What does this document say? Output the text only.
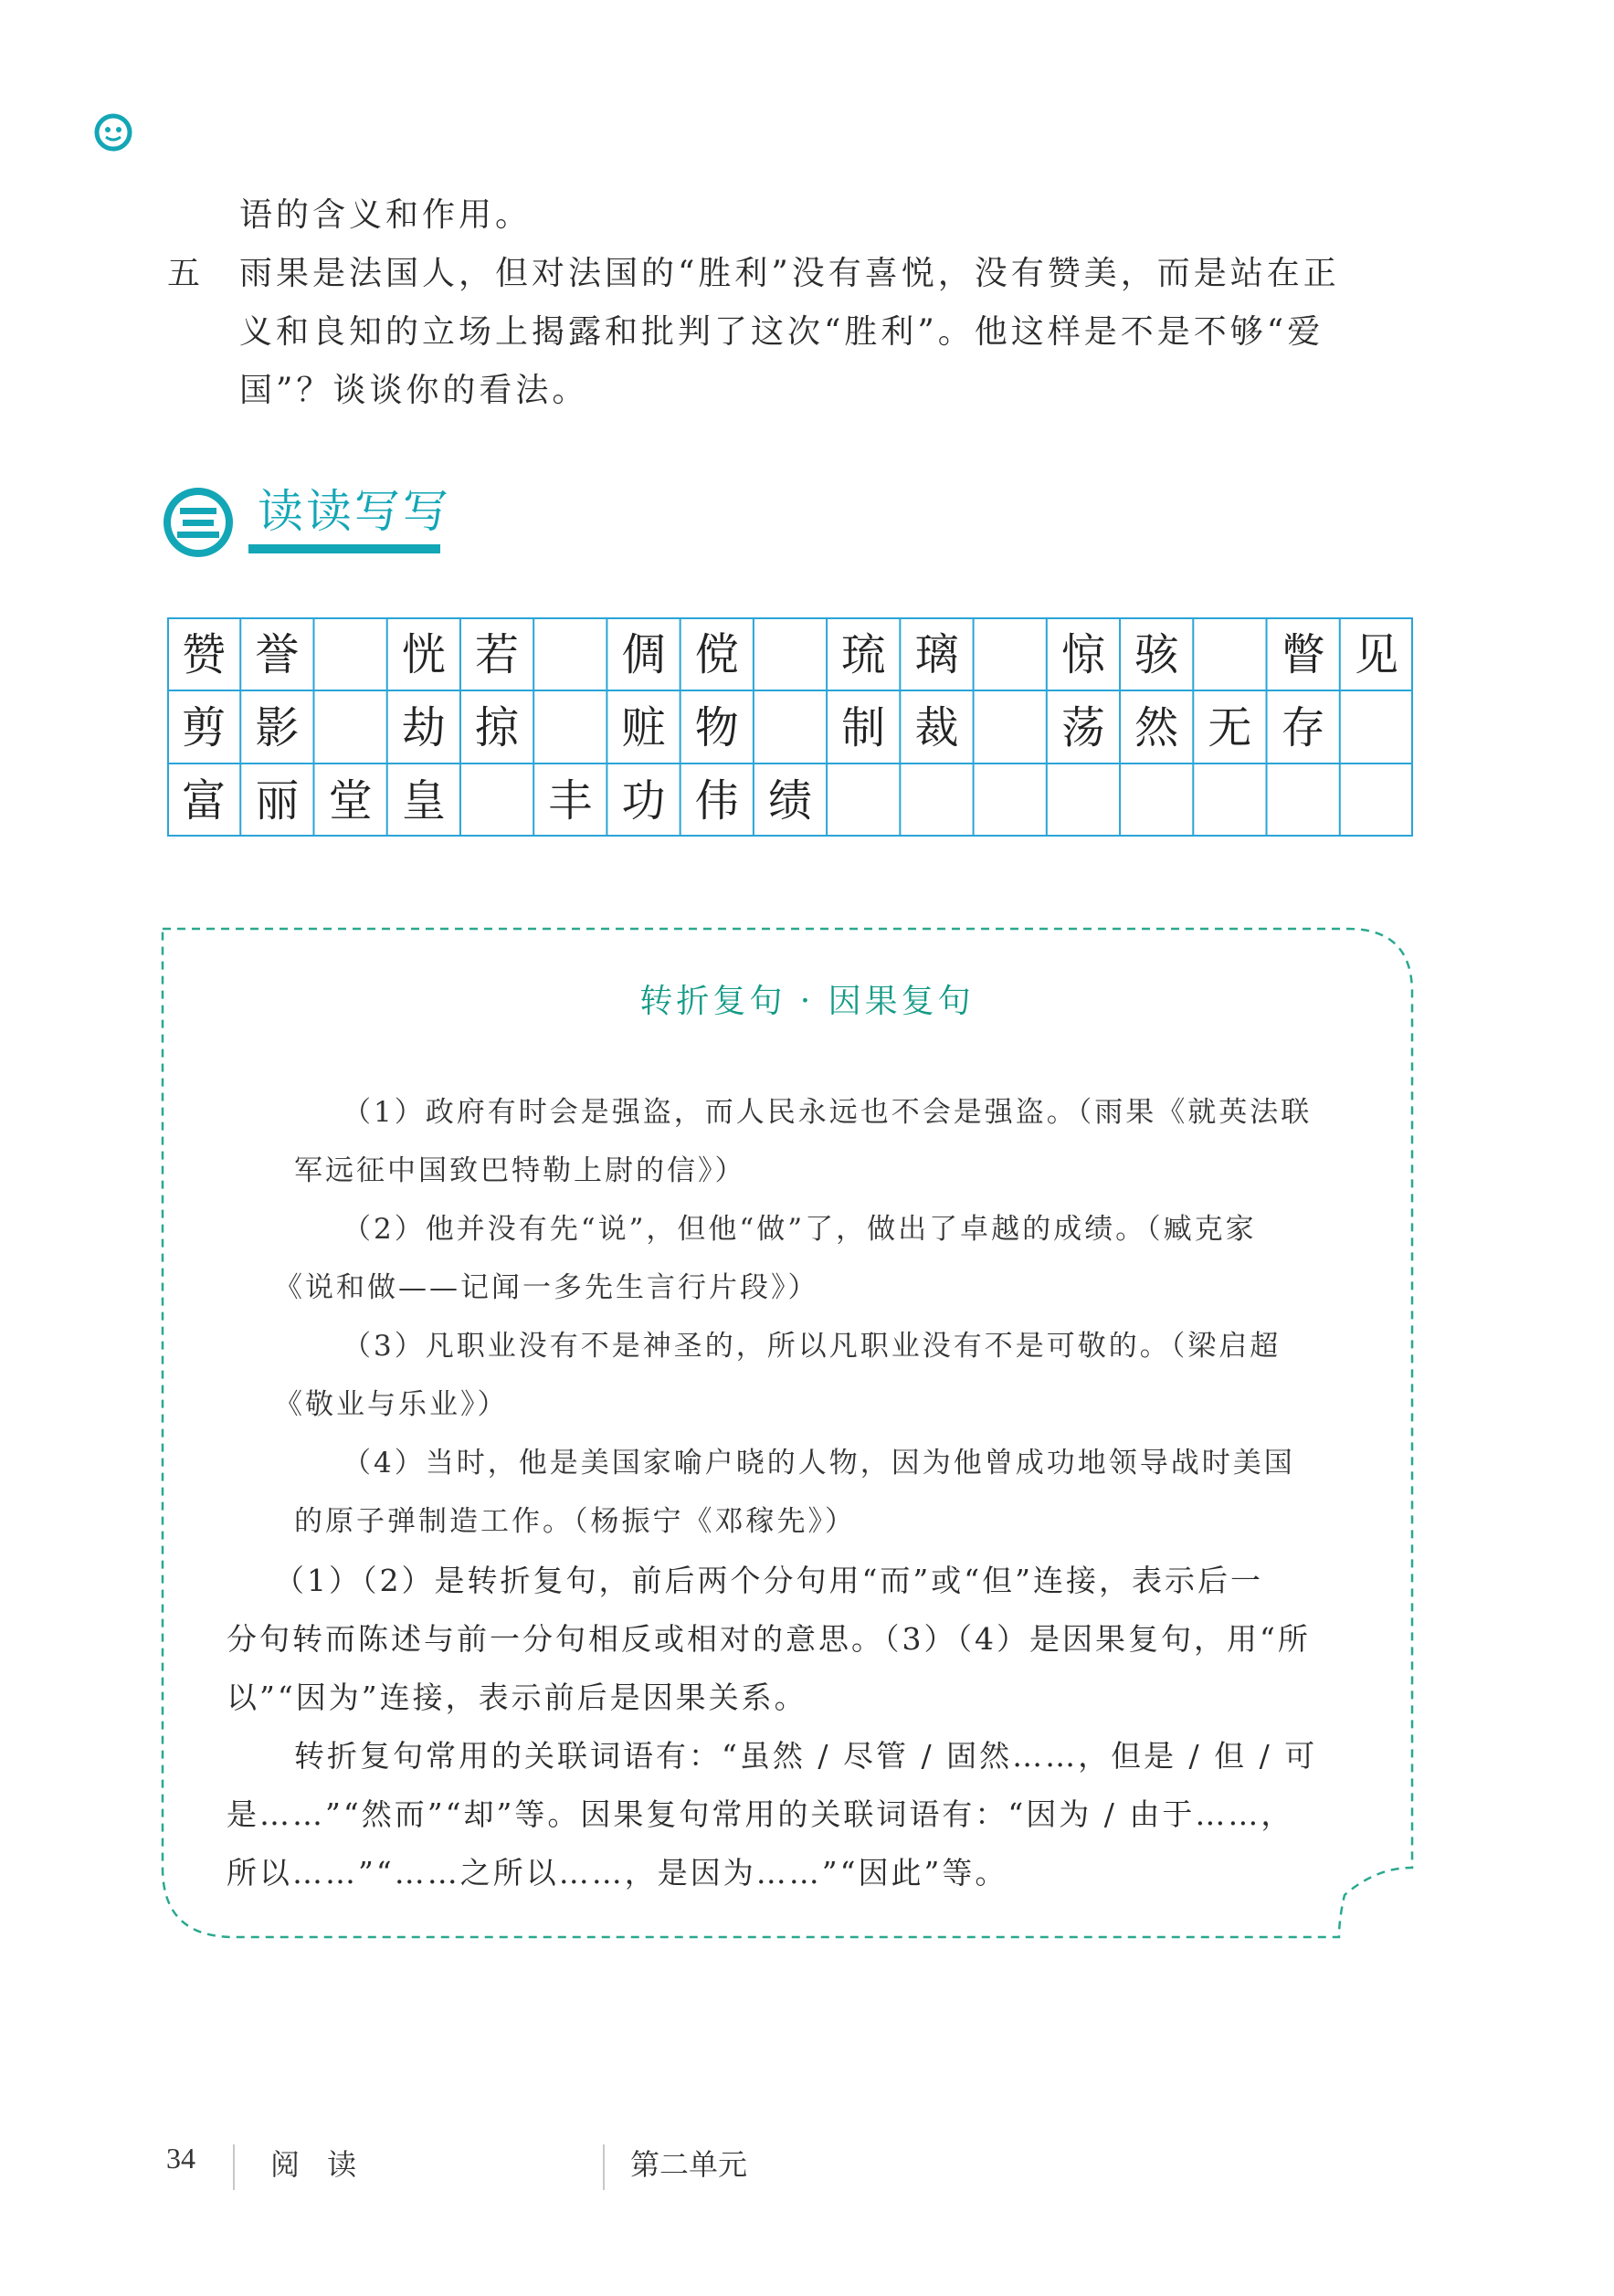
语的含义和作用。
五 雨果是法国人，但对法国的“胜利”没有喜悦，没有赞美，而是站在正
义和良知的立场上揭露和批判了这次“胜利”。他这样是不是不够“爱
国”？谈谈你的看法。
读读写写
赞 誉 恍 若 倜 傥 琉 璃 惊 骇 瞥 见
剪 影 劫 掠 赃 物 制 裁 荡 然 无 存
富 丽 堂 皇 丰 功 伟 绩
转折复句 · 因果复句
（1）政府有时会是强盗，而人民永远也不会是强盗。（雨果《就英法联
军远征中国致巴特勒上尉的信》）
（2）他并没有先“说”，但他“做”了，做出了卓越的成绩。（臧克家
《说和做——记闻一多先生言行片段》）
（3）凡职业没有不是神圣的，所以凡职业没有不是可敬的。（梁启超
《敬业与乐业》）
（4）当时，他是美国家喻户晓的人物，因为他曾成功地领导战时美国
的原子弹制造工作。（杨振宁《邓稼先》）
（1）（2）是转折复句，前后两个分句用“而”或“但”连接，表示后一
分句转而陈述与前一分句相反或相对的意思。（3）（4）是因果复句，用“所
以”“因为”连接，表示前后是因果关系。
转折复句常用的关联词语有：“虽然 / 尽管 / 固然……，但是 / 但 / 可
是……”“然而”“却”等。因果复句常用的关联词语有：“因为 / 由于……，
所以……”“……之所以……，是因为……”“因此”等。
34	阅 读	第二单元
